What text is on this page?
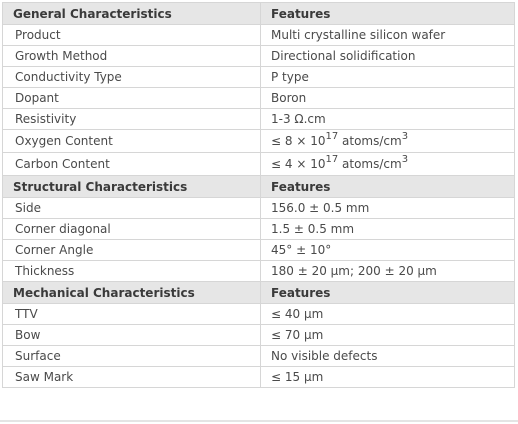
General Characteristics	Features
Product	Multi crystalline silicon wafer
Growth Method	Directional solidification
Conductivity Type	P type
Dopant	Boron
Resistivity	1-3 Ω.cm
Oxygen Content	≤ $8 \times 10^{17}$ atoms/$cm^3$
Carbon Content	≤ $4 \times 10^{17}$ atoms/$cm^3$
Structural Characteristics	Features
Side	156.0 ± 0.5 mm
Corner diagonal	1.5 ± 0.5 mm
Corner Angle	45° ± 10°
Thickness	180 ± 20 μm; 200 ± 20 μm
Mechanical Characteristics	Features
TTV	≤ 40 μm
Bow	≤ 70 μm
Surface	No visible defects
Saw Mark	≤ 15 μm
